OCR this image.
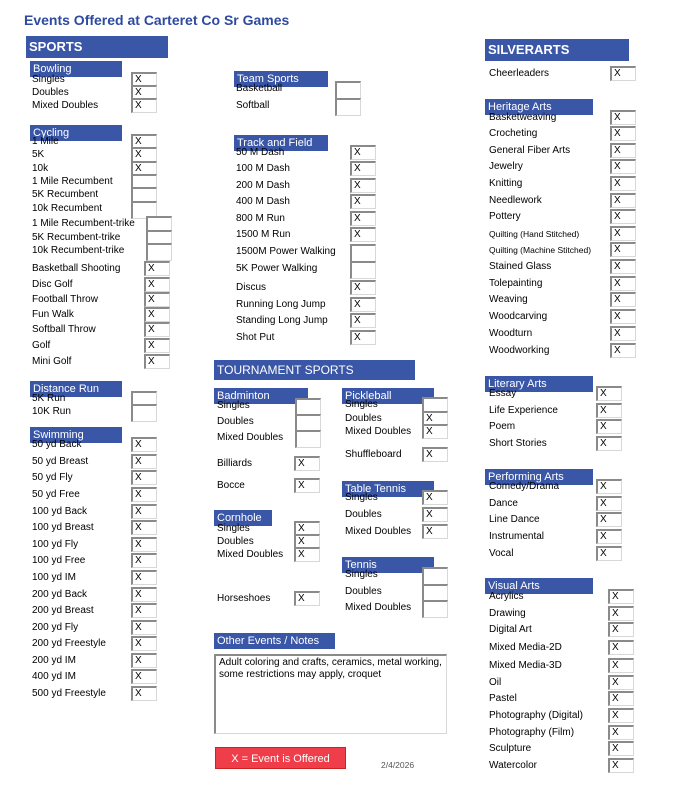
Events Offered at Carteret Co Sr Games
SPORTS	SILVERARTS
TOURNAMENT SPORTS
Other Events / Notes
Bowling
Singles	X
Doubles	X
Mixed Doubles	X
Cycling
1 Mile	X
5K	X
10k	X
1 Mile Recumbent
5K Recumbent
10k Recumbent
1 Mile Recumbent-trike
5K Recumbent-trike
10k Recumbent-trike
Basketball Shooting	X
Disc Golf	X
Football Throw	X
Fun Walk	X
Softball Throw	X
Golf	X
Mini Golf	X
Distance Run
5K Run
10K Run
Swimming
50 yd Back	X
50 yd Breast	X
50 yd Fly	X
50 yd Free	X
100 yd Back	X
100 yd Breast	X
100 yd Fly	X
100 yd Free	X
100 yd IM	X
200 yd Back	X
200 yd Breast	X
200 yd Fly	X
200 yd Freestyle	X
200 yd IM	X
400 yd IM	X
500 yd Freestyle	X
Team Sports
Basketball
Softball
Track and Field
50 M Dash	X
100 M Dash	X
200 M Dash	X
400 M Dash	X
800 M Run	X
1500 M Run	X
1500M Power Walking
5K Power Walking
Discus	X
Running Long Jump	X
Standing Long Jump	X
Shot Put	X
Badminton
Singles
Doubles
Mixed Doubles
Billiards	X
Bocce	X
Cornhole
Singles	X
Doubles	X
Mixed Doubles	X
Horseshoes	X
Pickleball
Singles
Doubles	X
Mixed Doubles	X
Shuffleboard	X
Table Tennis
Singles	X
Doubles	X
Mixed Doubles	X
Tennis
Singles
Doubles
Mixed Doubles
Cheerleaders	X
Heritage Arts
Basketweaving	X
Crocheting	X
General Fiber Arts	X
Jewelry	X
Knitting	X
Needlework	X
Pottery	X
Quilting (Hand Stitched)	X
Quilting (Machine Stitched)	X
Stained Glass	X
Tolepainting	X
Weaving	X
Woodcarving	X
Woodturn	X
Woodworking	X
Literary Arts
Essay	X
Life Experience	X
Poem	X
Short Stories	X
Performing Arts
Comedy/Drama	X
Dance	X
Line Dance	X
Instrumental	X
Vocal	X
Visual Arts
Acrylics	X
Drawing	X
Digital Art	X
Mixed Media-2D	X
Mixed Media-3D	X
Oil	X
Pastel	X
Photography (Digital)	X
Photography (Film)	X
Sculpture	X
Watercolor	X
Adult coloring and crafts, ceramics, metal working, some restrictions may apply, croquet
X = Event is Offered	2/4/2026
